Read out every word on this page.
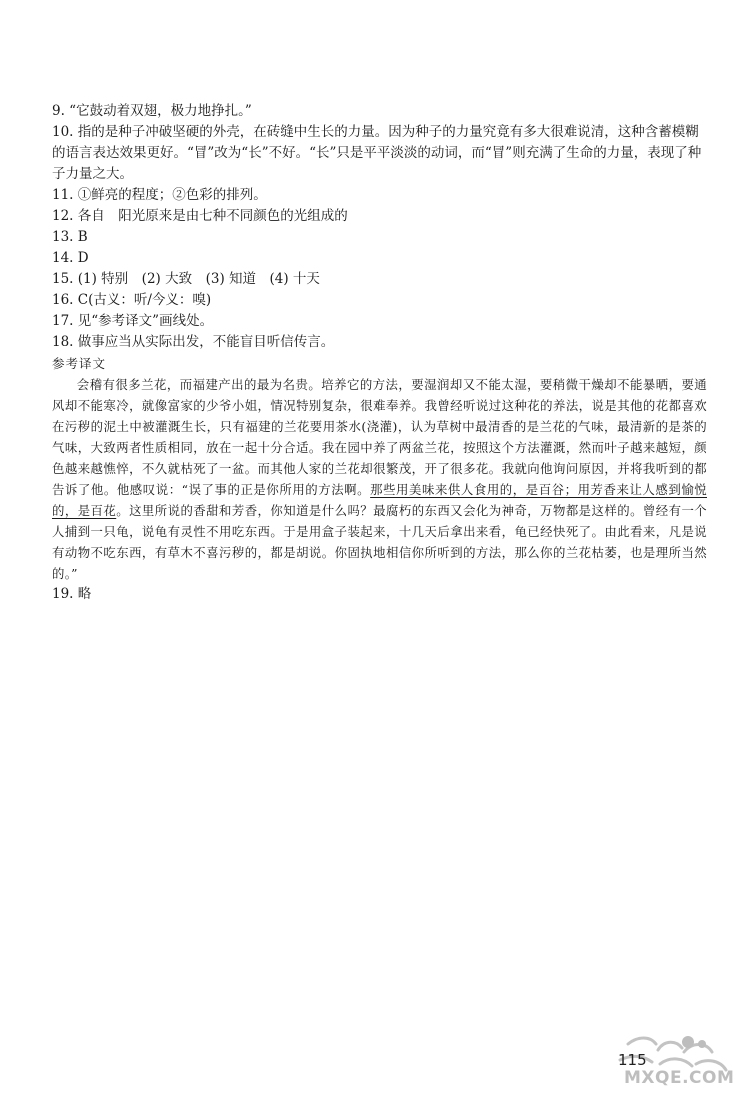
9. “它鼓动着双翅，极力地挣扎。”

10. 指的是种子冲破坚硬的外壳，在砖缝中生长的力量。因为种子的力量究竟有多大很难说清，这种含蓄模糊的语言表达效果更好。“冒”改为“长”不好。“长”只是平平淡淡的动词，而“冒”则充满了生命的力量，表现了种子力量之大。

11. ①鲜亮的程度；②色彩的排列。

12. 各自　阳光原来是由七种不同颜色的光组成的

13. B

14. D

15. (1) 特别　(2) 大致　(3) 知道　(4) 十天

16. C(古义：听/今义：嗅)

17. 见“参考译文”画线处。

18. 做事应当从实际出发，不能盲目听信传言。

参考译文

会稽有很多兰花，而福建产出的最为名贵。培养它的方法，要湿润却又不能太湿，要稍微干燥却不能暴晒，要通风却不能寒冷，就像富家的少爷小姐，情况特别复杂，很难奉养。我曾经听说过这种花的养法，说是其他的花都喜欢在污秽的泥土中被灌溉生长，只有福建的兰花要用茶水(浇灌)，认为草树中最清香的是兰花的气味，最清新的是茶的气味，大致两者性质相同，放在一起十分合适。我在园中养了两盆兰花，按照这个方法灌溉，然而叶子越来越短，颜色越来越憔悴，不久就枯死了一盆。而其他人家的兰花却很繁茂，开了很多花。我就向他询问原因，并将我听到的都告诉了他。他感叹说：“误了事的正是你所用的方法啊。那些用美味来供人食用的，是百谷；用芳香来让人感到愉悦的，是百花。这里所说的香甜和芳香，你知道是什么吗？最腐朽的东西又会化为神奇，万物都是这样的。曾经有一个人捕到一只龟，说龟有灵性不用吃东西。于是用盒子装起来，十几天后拿出来看，龟已经快死了。由此看来，凡是说有动物不吃东西，有草木不喜污秽的，都是胡说。你固执地相信你所听到的方法，那么你的兰花枯萎，也是理所当然的。”

19. 略

115
MXQE.COM
